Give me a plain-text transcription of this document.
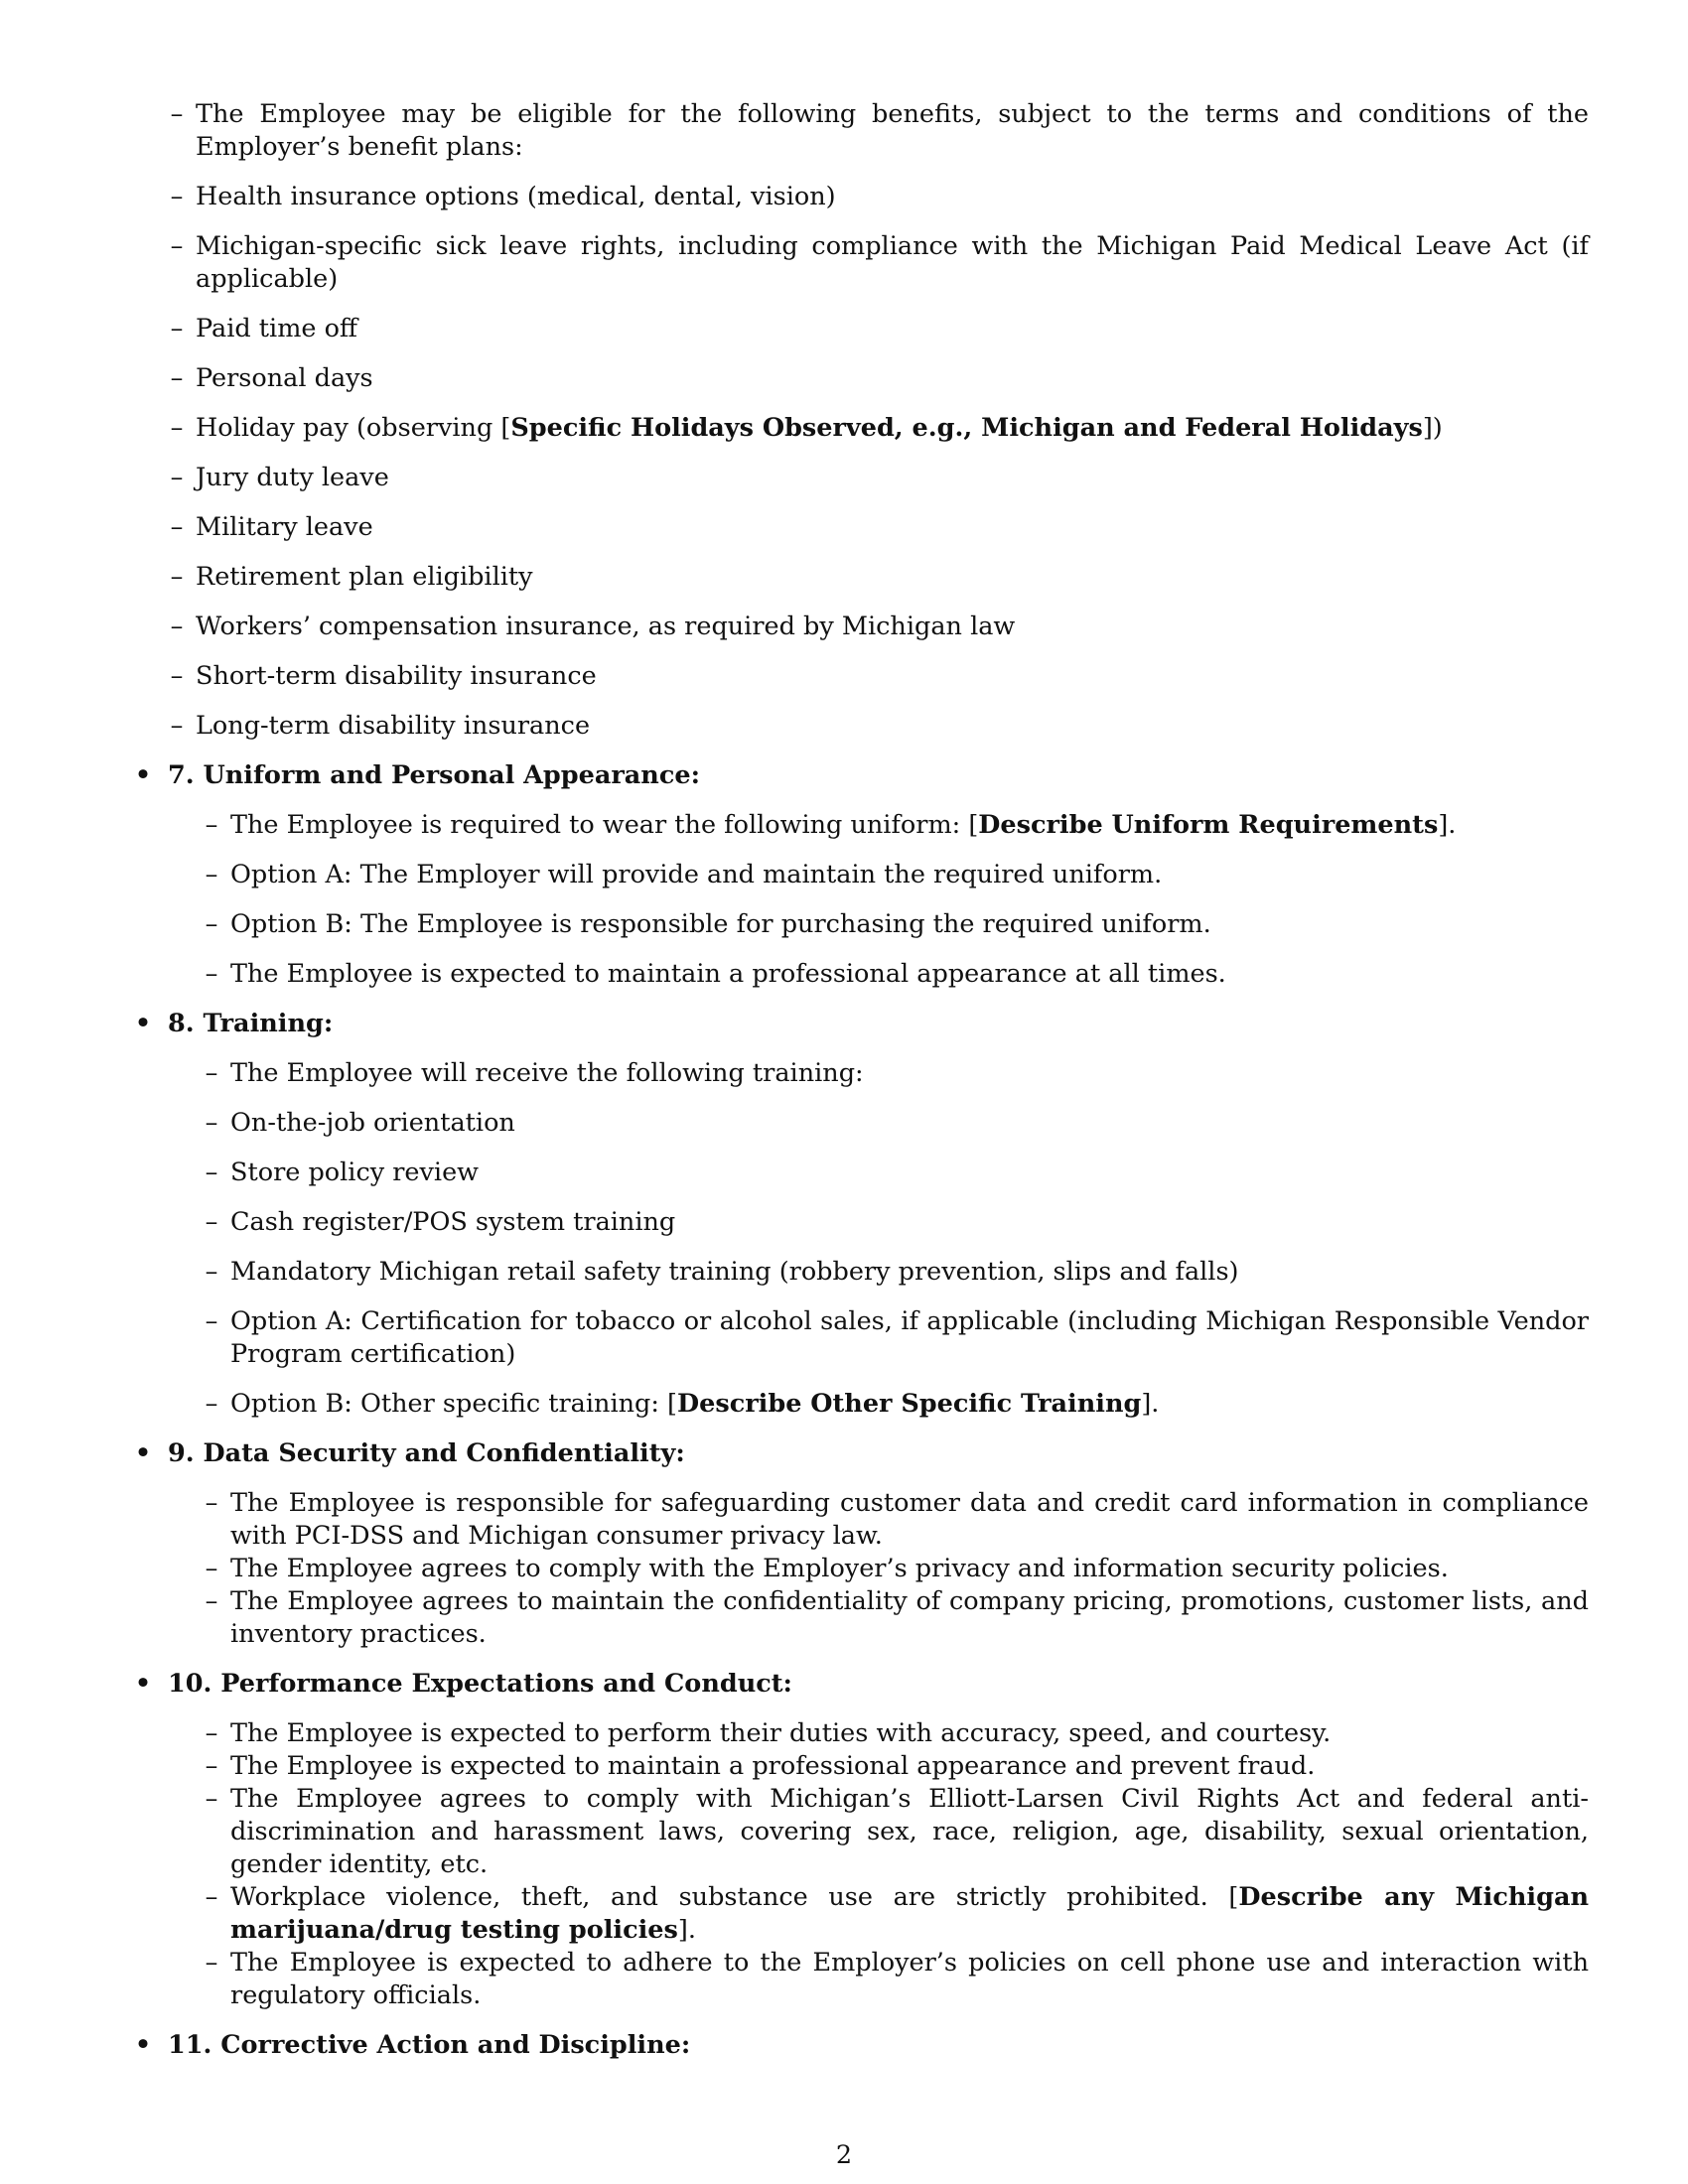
– The Employee may be eligible for the following benefits, subject to the terms and conditions of the Employer’s benefit plans:
– Health insurance options (medical, dental, vision)
– Michigan-specific sick leave rights, including compliance with the Michigan Paid Medical Leave Act (if applicable)
– Paid time off
– Personal days
– Holiday pay (observing [Specific Holidays Observed, e.g., Michigan and Federal Holidays])
– Jury duty leave
– Military leave
– Retirement plan eligibility
– Workers’ compensation insurance, as required by Michigan law
– Short-term disability insurance
– Long-term disability insurance
• 7. Uniform and Personal Appearance:
– The Employee is required to wear the following uniform: [Describe Uniform Requirements].
– Option A: The Employer will provide and maintain the required uniform.
– Option B: The Employee is responsible for purchasing the required uniform.
– The Employee is expected to maintain a professional appearance at all times.
• 8. Training:
– The Employee will receive the following training:
– On-the-job orientation
– Store policy review
– Cash register/POS system training
– Mandatory Michigan retail safety training (robbery prevention, slips and falls)
– Option A: Certification for tobacco or alcohol sales, if applicable (including Michigan Responsible Vendor Program certification)
– Option B: Other specific training: [Describe Other Specific Training].
• 9. Data Security and Confidentiality:
– The Employee is responsible for safeguarding customer data and credit card information in compliance with PCI-DSS and Michigan consumer privacy law.
– The Employee agrees to comply with the Employer’s privacy and information security policies.
– The Employee agrees to maintain the confidentiality of company pricing, promotions, customer lists, and inventory practices.
• 10. Performance Expectations and Conduct:
– The Employee is expected to perform their duties with accuracy, speed, and courtesy.
– The Employee is expected to maintain a professional appearance and prevent fraud.
– The Employee agrees to comply with Michigan’s Elliott-Larsen Civil Rights Act and federal anti-discrimination and harassment laws, covering sex, race, religion, age, disability, sexual orientation, gender identity, etc.
– Workplace violence, theft, and substance use are strictly prohibited. [Describe any Michigan marijuana/drug testing policies].
– The Employee is expected to adhere to the Employer’s policies on cell phone use and interaction with regulatory officials.
• 11. Corrective Action and Discipline:
2
